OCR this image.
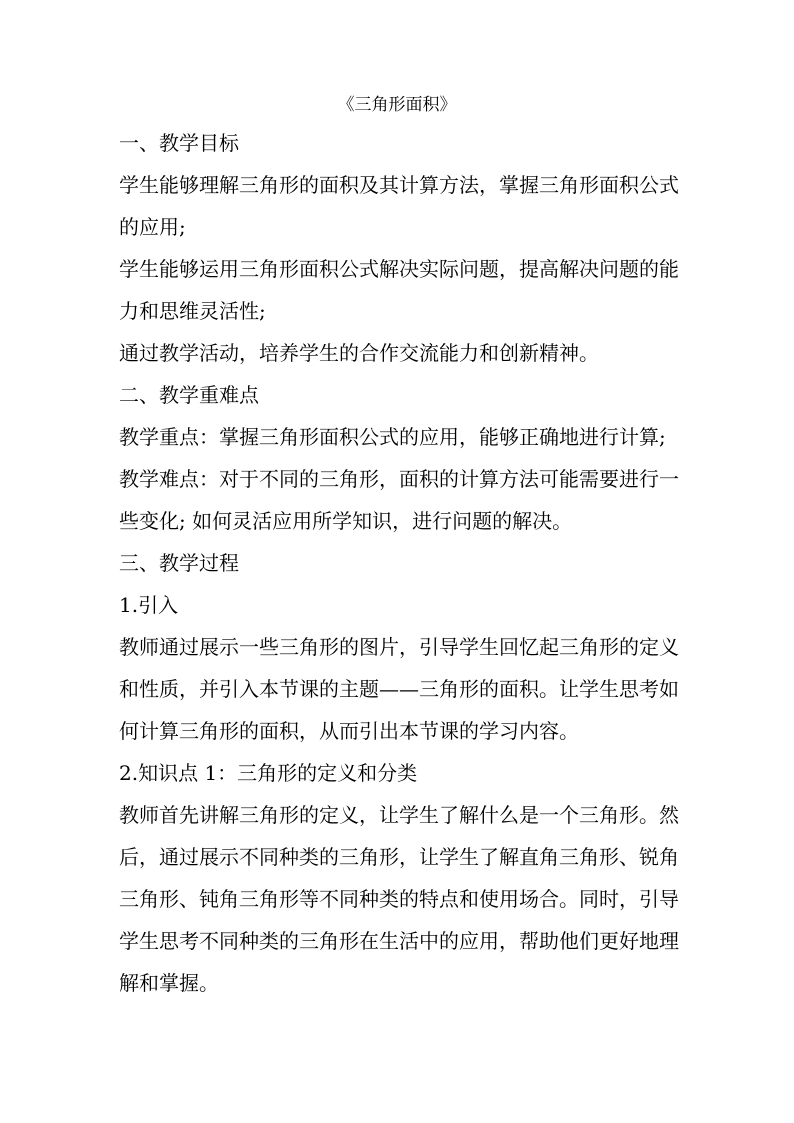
《三角形面积》

一、教学目标

学生能够理解三角形的面积及其计算方法，掌握三角形面积公式的应用;

学生能够运用三角形面积公式解决实际问题，提高解决问题的能力和思维灵活性;

通过教学活动，培养学生的合作交流能力和创新精神。

二、教学重难点

教学重点：掌握三角形面积公式的应用，能够正确地进行计算;

教学难点：对于不同的三角形，面积的计算方法可能需要进行一些变化; 如何灵活应用所学知识，进行问题的解决。

三、教学过程

1.引入

教师通过展示一些三角形的图片，引导学生回忆起三角形的定义和性质，并引入本节课的主题——三角形的面积。让学生思考如何计算三角形的面积，从而引出本节课的学习内容。

2.知识点 1：三角形的定义和分类

教师首先讲解三角形的定义，让学生了解什么是一个三角形。然后，通过展示不同种类的三角形，让学生了解直角三角形、锐角三角形、钝角三角形等不同种类的特点和使用场合。同时，引导学生思考不同种类的三角形在生活中的应用，帮助他们更好地理解和掌握。
